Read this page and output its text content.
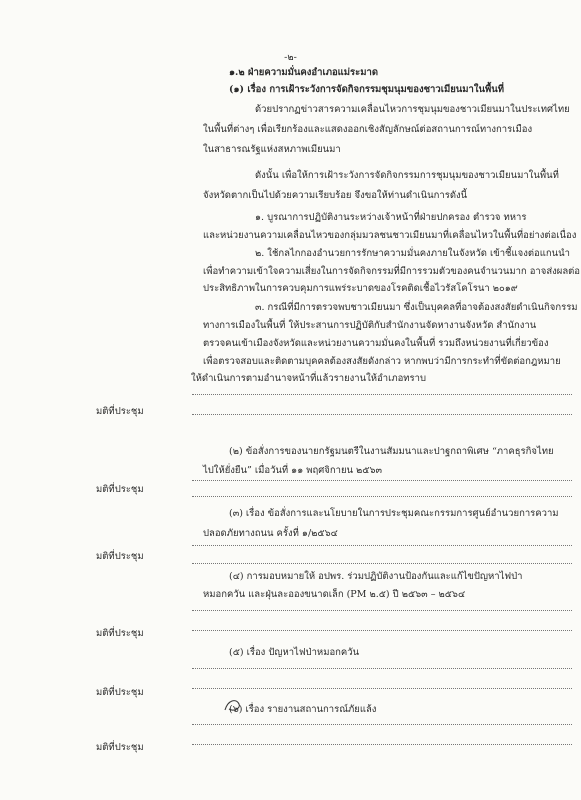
-๒-
๑.๒ ฝ่ายความมั่นคงอำเภอแม่ระมาด
(๑) เรื่อง การเฝ้าระวังการจัดกิจกรรมชุมนุมของชาวเมียนมาในพื้นที่
ด้วยปรากฏข่าวสารความเคลื่อนไหวการชุมนุมของชาวเมียนมาในประเทศไทย
ในพื้นที่ต่างๆ เพื่อเรียกร้องและแสดงออกเชิงสัญลักษณ์ต่อสถานการณ์ทางการเมือง
ในสาธารณรัฐแห่งสหภาพเมียนมา
ดังนั้น เพื่อให้การเฝ้าระวังการจัดกิจกรรมการชุมนุมของชาวเมียนมาในพื้นที่
จังหวัดตากเป็นไปด้วยความเรียบร้อย จึงขอให้ท่านดำเนินการดังนี้
๑. บูรณาการปฏิบัติงานระหว่างเจ้าหน้าที่ฝ่ายปกครอง ตำรวจ ทหาร
และหน่วยงานความเคลื่อนไหวของกลุ่มมวลชนชาวเมียนมาที่เคลื่อนไหวในพื้นที่อย่างต่อเนื่อง
๒. ใช้กลไกกองอำนวยการรักษาความมั่นคงภายในจังหวัด เข้าชี้แจงต่อแกนนำ
เพื่อทำความเข้าใจความเสี่ยงในการจัดกิจกรรมที่มีการรวมตัวของคนจำนวนมาก อาจส่งผลต่อ
ประสิทธิภาพในการควบคุมการแพร่ระบาดของโรคติดเชื้อไวรัสโคโรนา ๒๐๑๙
๓. กรณีที่มีการตรวจพบชาวเมียนมา ซึ่งเป็นบุคคลที่อาจต้องสงสัยดำเนินกิจกรรม
ทางการเมืองในพื้นที่ ให้ประสานการปฏิบัติกับสำนักงานจัดหางานจังหวัด สำนักงาน
ตรวจคนเข้าเมืองจังหวัดและหน่วยงานความมั่นคงในพื้นที่ รวมถึงหน่วยงานที่เกี่ยวข้อง
เพื่อตรวจสอบและติดตามบุคคลต้องสงสัยดังกล่าว หากพบว่ามีการกระทำที่ขัดต่อกฎหมาย
ให้ดำเนินการตามอำนาจหน้าที่แล้วรายงานให้อำเภอทราบ
มติที่ประชุม
(๒) ข้อสั่งการของนายกรัฐมนตรีในงานสัมมนาและปาฐกถาพิเศษ “ภาคธุรกิจไทย
ไปให้ยั่งยืน” เมื่อวันที่ ๑๑ พฤศจิกายน ๒๕๖๓
มติที่ประชุม
(๓) เรื่อง ข้อสั่งการและนโยบายในการประชุมคณะกรรมการศูนย์อำนวยการความ
ปลอดภัยทางถนน ครั้งที่ ๑/๒๕๖๔
มติที่ประชุม
(๔) การมอบหมายให้ อปพร. ร่วมปฏิบัติงานป้องกันและแก้ไขปัญหาไฟป่า
หมอกควัน และฝุ่นละอองขนาดเล็ก (PM ๒.๕) ปี ๒๕๖๓ – ๒๕๖๔
มติที่ประชุม
(๕) เรื่อง ปัญหาไฟป่าหมอกควัน
มติที่ประชุม
(๖) เรื่อง รายงานสถานการณ์ภัยแล้ง
มติที่ประชุม
